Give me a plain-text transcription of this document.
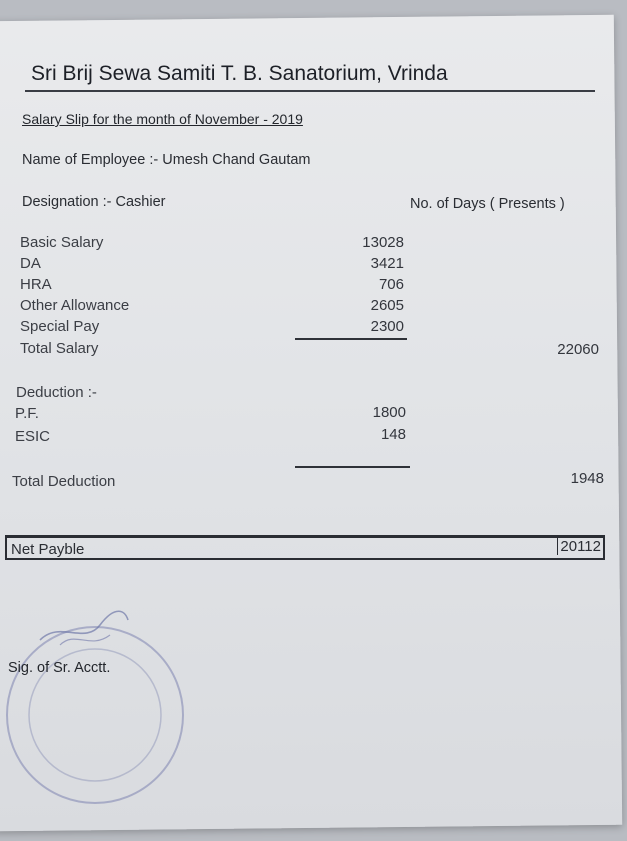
Sri Brij Sewa Samiti T. B. Sanatorium, Vrinda
Salary Slip for the month of November - 2019
Name of Employee :- Umesh Chand Gautam
Designation :- Cashier	No. of Days ( Presents )
Basic Salary	13028
DA	3421
HRA	706
Other Allowance	2605
Special Pay	2300
Total Salary	22060
Deduction :-
P.F.	1800
ESIC	148
Total Deduction	1948
Net Payble	20112
Sig. of Sr. Acctt.
